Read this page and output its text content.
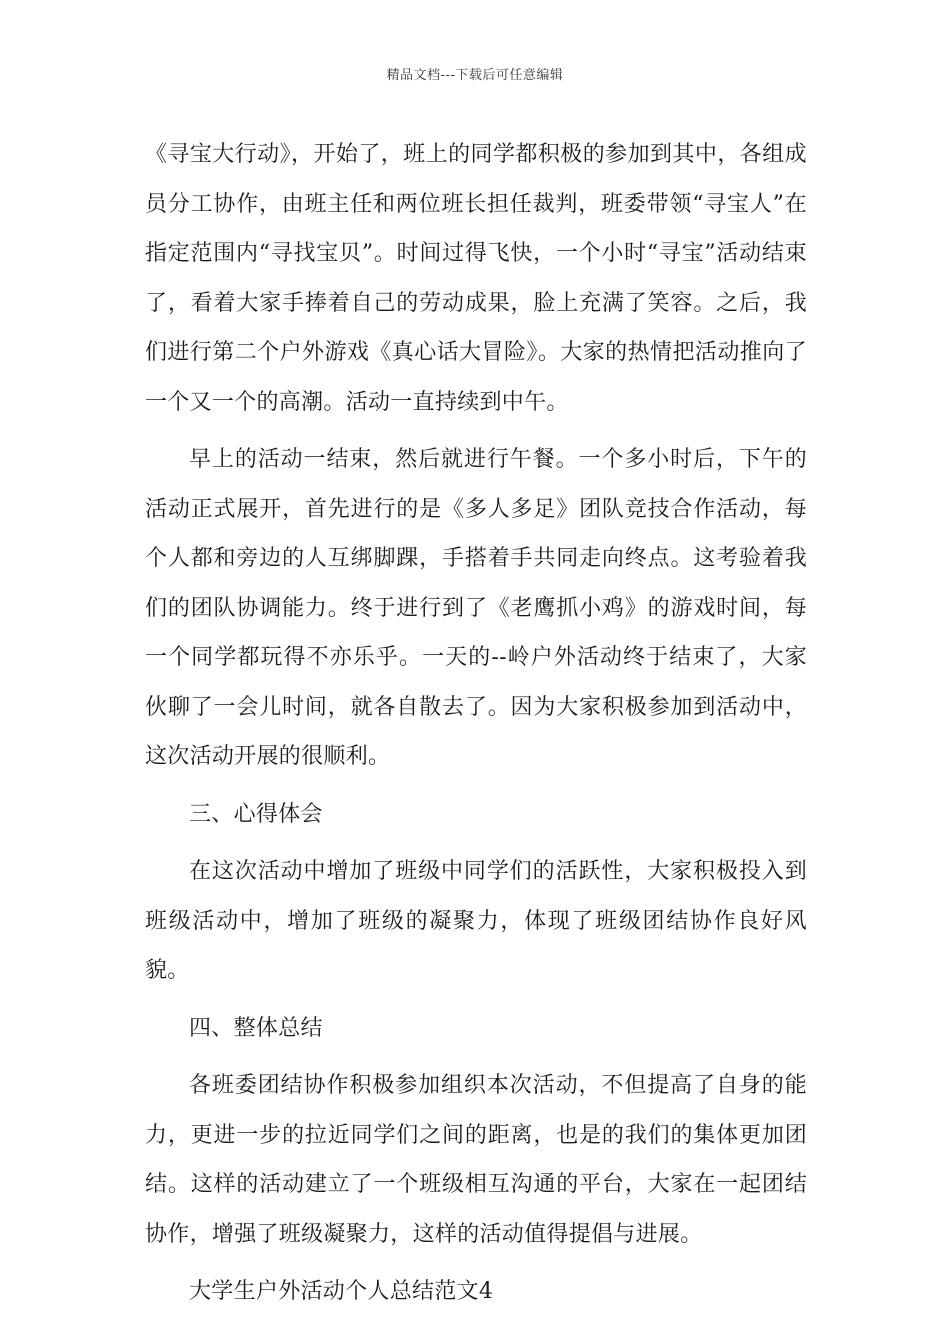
精品文档---下载后可任意编辑

《寻宝大行动》，开始了，班上的同学都积极的参加到其中，各组成员分工协作，由班主任和两位班长担任裁判，班委带领“寻宝人”在指定范围内“寻找宝贝”。时间过得飞快，一个小时“寻宝”活动结束了，看着大家手捧着自己的劳动成果，脸上充满了笑容。之后，我们进行第二个户外游戏《真心话大冒险》。大家的热情把活动推向了一个又一个的高潮。活动一直持续到中午。

早上的活动一结束，然后就进行午餐。一个多小时后，下午的活动正式展开，首先进行的是《多人多足》团队竞技合作活动，每个人都和旁边的人互绑脚踝，手搭着手共同走向终点。这考验着我们的团队协调能力。终于进行到了《老鹰抓小鸡》的游戏时间，每一个同学都玩得不亦乐乎。一天的--岭户外活动终于结束了，大家伙聊了一会儿时间，就各自散去了。因为大家积极参加到活动中，这次活动开展的很顺利。

三、心得体会

在这次活动中增加了班级中同学们的活跃性，大家积极投入到班级活动中，增加了班级的凝聚力，体现了班级团结协作良好风貌。

四、整体总结

各班委团结协作积极参加组织本次活动，不但提高了自身的能力，更进一步的拉近同学们之间的距离，也是的我们的集体更加团结。这样的活动建立了一个班级相互沟通的平台，大家在一起团结协作，增强了班级凝聚力，这样的活动值得提倡与进展。

大学生户外活动个人总结范文4
